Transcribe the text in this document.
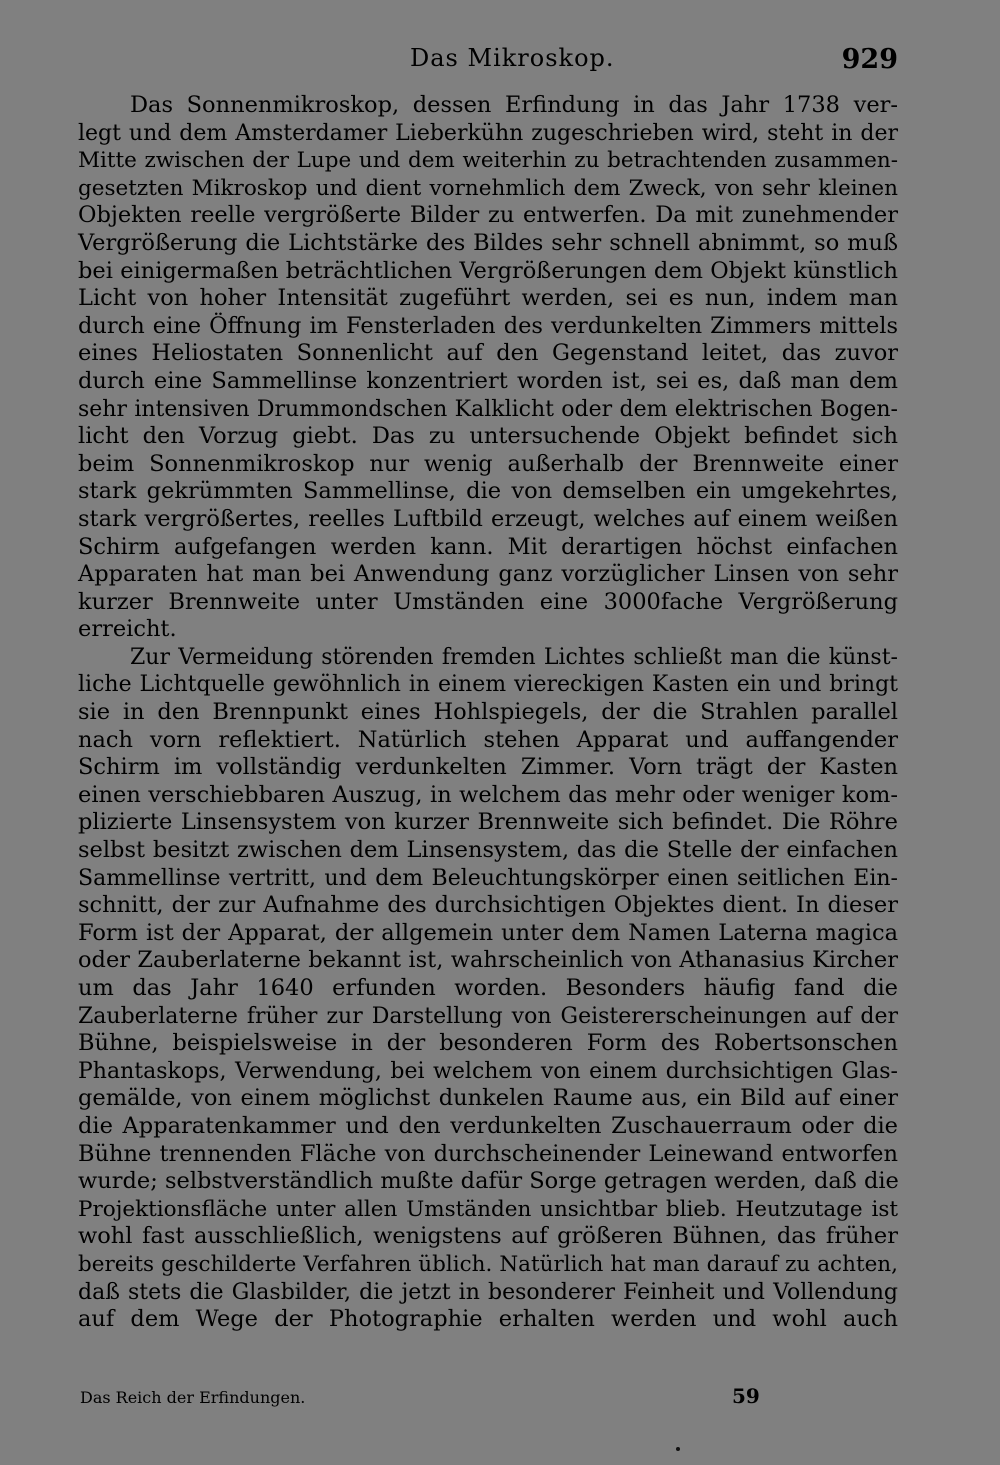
Das Mikroskop.	929
Das Sonnenmikroskop, dessen Erfindung in das Jahr 1738 ver-
legt und dem Amsterdamer Lieberkühn zugeschrieben wird, steht in der
Mitte zwischen der Lupe und dem weiterhin zu betrachtenden zusammen-
gesetzten Mikroskop und dient vornehmlich dem Zweck, von sehr kleinen
Objekten reelle vergrößerte Bilder zu entwerfen. Da mit zunehmender
Vergrößerung die Lichtstärke des Bildes sehr schnell abnimmt, so muß
bei einigermaßen beträchtlichen Vergrößerungen dem Objekt künstlich
Licht von hoher Intensität zugeführt werden, sei es nun, indem man
durch eine Öffnung im Fensterladen des verdunkelten Zimmers mittels
eines Heliostaten Sonnenlicht auf den Gegenstand leitet, das zuvor
durch eine Sammellinse konzentriert worden ist, sei es, daß man dem
sehr intensiven Drummondschen Kalklicht oder dem elektrischen Bogen-
licht den Vorzug giebt. Das zu untersuchende Objekt befindet sich
beim Sonnenmikroskop nur wenig außerhalb der Brennweite einer
stark gekrümmten Sammellinse, die von demselben ein umgekehrtes,
stark vergrößertes, reelles Luftbild erzeugt, welches auf einem weißen
Schirm aufgefangen werden kann. Mit derartigen höchst einfachen
Apparaten hat man bei Anwendung ganz vorzüglicher Linsen von sehr
kurzer Brennweite unter Umständen eine 3000fache Vergrößerung
erreicht.
Zur Vermeidung störenden fremden Lichtes schließt man die künst-
liche Lichtquelle gewöhnlich in einem viereckigen Kasten ein und bringt
sie in den Brennpunkt eines Hohlspiegels, der die Strahlen parallel
nach vorn reflektiert. Natürlich stehen Apparat und auffangender
Schirm im vollständig verdunkelten Zimmer. Vorn trägt der Kasten
einen verschiebbaren Auszug, in welchem das mehr oder weniger kom-
plizierte Linsensystem von kurzer Brennweite sich befindet. Die Röhre
selbst besitzt zwischen dem Linsensystem, das die Stelle der einfachen
Sammellinse vertritt, und dem Beleuchtungskörper einen seitlichen Ein-
schnitt, der zur Aufnahme des durchsichtigen Objektes dient. In dieser
Form ist der Apparat, der allgemein unter dem Namen Laterna magica
oder Zauberlaterne bekannt ist, wahrscheinlich von Athanasius Kircher
um das Jahr 1640 erfunden worden. Besonders häufig fand die
Zauberlaterne früher zur Darstellung von Geistererscheinungen auf der
Bühne, beispielsweise in der besonderen Form des Robertsonschen
Phantaskops, Verwendung, bei welchem von einem durchsichtigen Glas-
gemälde, von einem möglichst dunkelen Raume aus, ein Bild auf einer
die Apparatenkammer und den verdunkelten Zuschauerraum oder die
Bühne trennenden Fläche von durchscheinender Leinewand entworfen
wurde; selbstverständlich mußte dafür Sorge getragen werden, daß die
Projektionsfläche unter allen Umständen unsichtbar blieb. Heutzutage ist
wohl fast ausschließlich, wenigstens auf größeren Bühnen, das früher
bereits geschilderte Verfahren üblich. Natürlich hat man darauf zu achten,
daß stets die Glasbilder, die jetzt in besonderer Feinheit und Vollendung
auf dem Wege der Photographie erhalten werden und wohl auch
Das Reich der Erfindungen.	59
